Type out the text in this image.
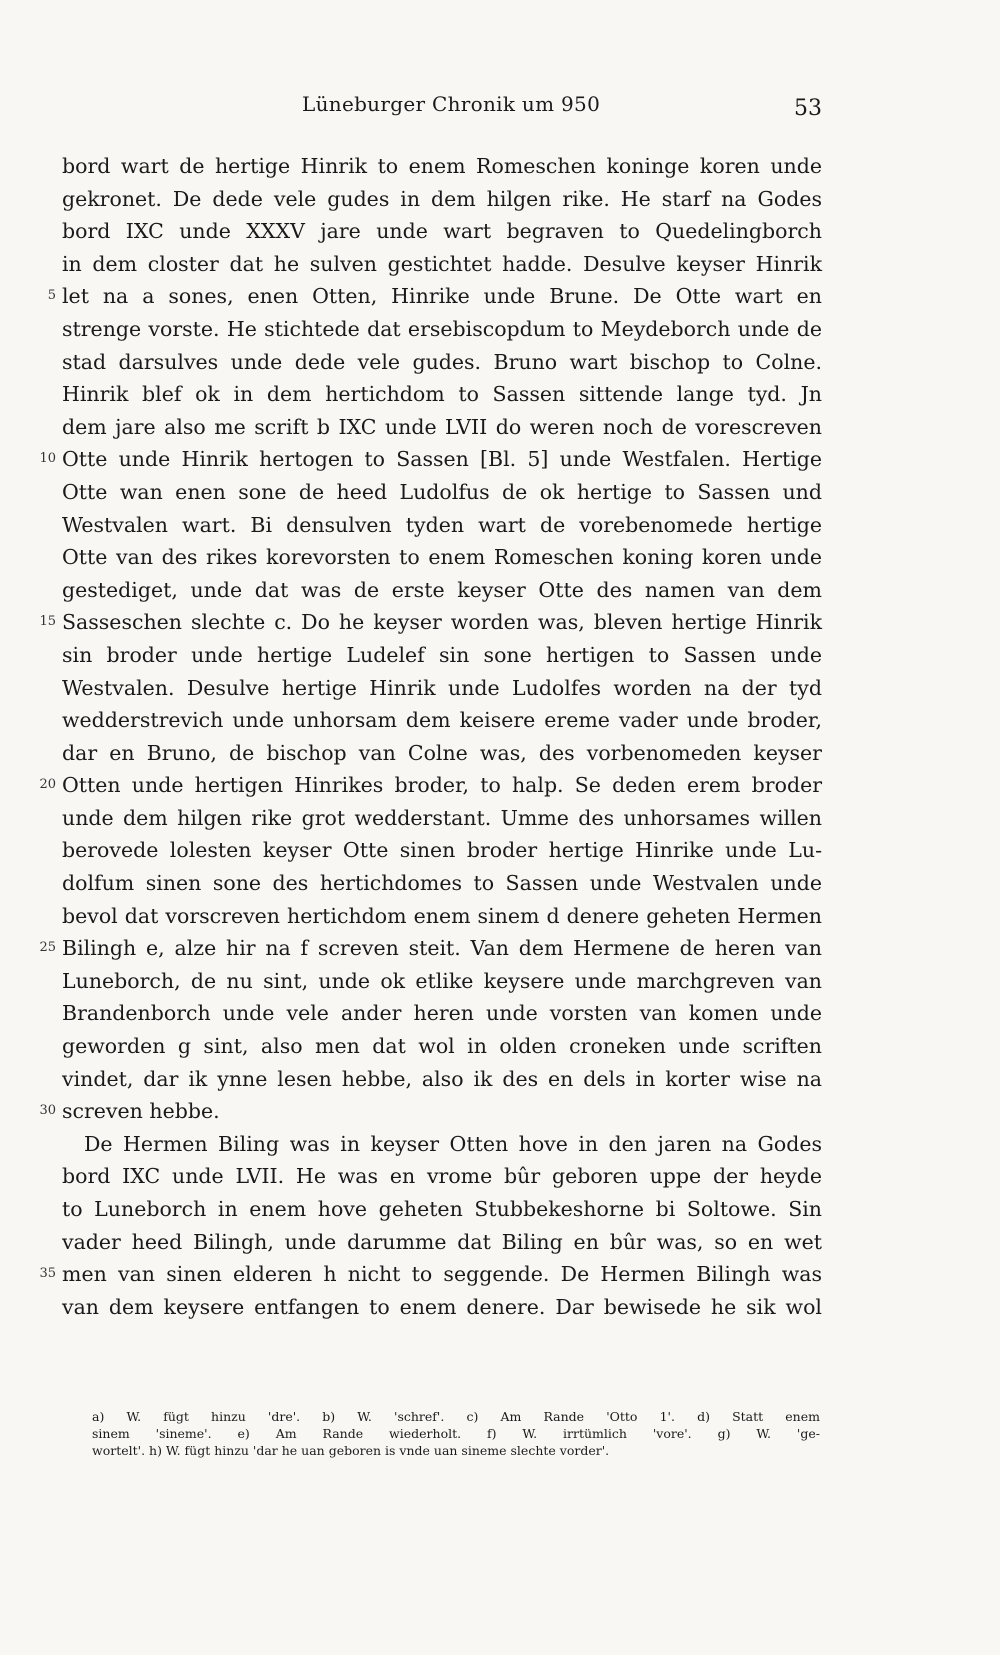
Lüneburger Chronik um 950	53
bord wart de hertige Hinrik to enem Romeschen koninge koren unde
gekronet. De dede vele gudes in dem hilgen rike. He starf na Godes
bord IXC unde XXXV jare unde wart begraven to Quedelingborch
in dem closter dat he sulven gestichtet hadde. Desulve keyser Hinrik
5 let na a sones, enen Otten, Hinrike unde Brune. De Otte wart en
strenge vorste. He stichtede dat ersebiscopdum to Meydeborch unde de
stad darsulves unde dede vele gudes. Bruno wart bischop to Colne.
Hinrik blef ok in dem hertichdom to Sassen sittende lange tyd. Jn
dem jare also me scrift b IXC unde LVII do weren noch de vorescreven
10 Otte unde Hinrik hertogen to Sassen [Bl. 5] unde Westfalen. Hertige
Otte wan enen sone de heed Ludolfus de ok hertige to Sassen und
Westvalen wart. Bi densulven tyden wart de vorebenomede hertige
Otte van des rikes korevorsten to enem Romeschen koning koren unde
gestediget, unde dat was de erste keyser Otte des namen van dem
15 Sasseschen slechte c. Do he keyser worden was, bleven hertige Hinrik
sin broder unde hertige Ludelef sin sone hertigen to Sassen unde
Westvalen. Desulve hertige Hinrik unde Ludolfes worden na der tyd
wedderstrevich unde unhorsam dem keisere ereme vader unde broder,
dar en Bruno, de bischop van Colne was, des vorbenomeden keyser
20 Otten unde hertigen Hinrikes broder, to halp. Se deden erem broder
unde dem hilgen rike grot wedderstant. Umme des unhorsames willen
berovede lolesten keyser Otte sinen broder hertige Hinrike unde Lu-
dolfum sinen sone des hertichdomes to Sassen unde Westvalen unde
bevol dat vorscreven hertichdom enem sinem d denere geheten Hermen
25 Bilingh e, alze hir na f screven steit. Van dem Hermene de heren van
Luneborch, de nu sint, unde ok etlike keysere unde marchgreven van
Brandenborch unde vele ander heren unde vorsten van komen unde
geworden g sint, also men dat wol in olden croneken unde scriften
vindet, dar ik ynne lesen hebbe, also ik des en dels in korter wise na
30 screven hebbe.
De Hermen Biling was in keyser Otten hove in den jaren na Godes
bord IXC unde LVII. He was en vrome bûr geboren uppe der heyde
to Luneborch in enem hove geheten Stubbekeshorne bi Soltowe. Sin
vader heed Bilingh, unde darumme dat Biling en bûr was, so en wet
35 men van sinen elderen h nicht to seggende. De Hermen Bilingh was
van dem keysere entfangen to enem denere. Dar bewisede he sik wol
a) W. fügt hinzu 'dre'. b) W. 'schref'. c) Am Rande 'Otto 1'. d) Statt enem
sinem 'sineme'. e) Am Rande wiederholt. f) W. irrtümlich 'vore'. g) W. 'ge-
wortelt'. h) W. fügt hinzu 'dar he uan geboren is vnde uan sineme slechte vorder'.
